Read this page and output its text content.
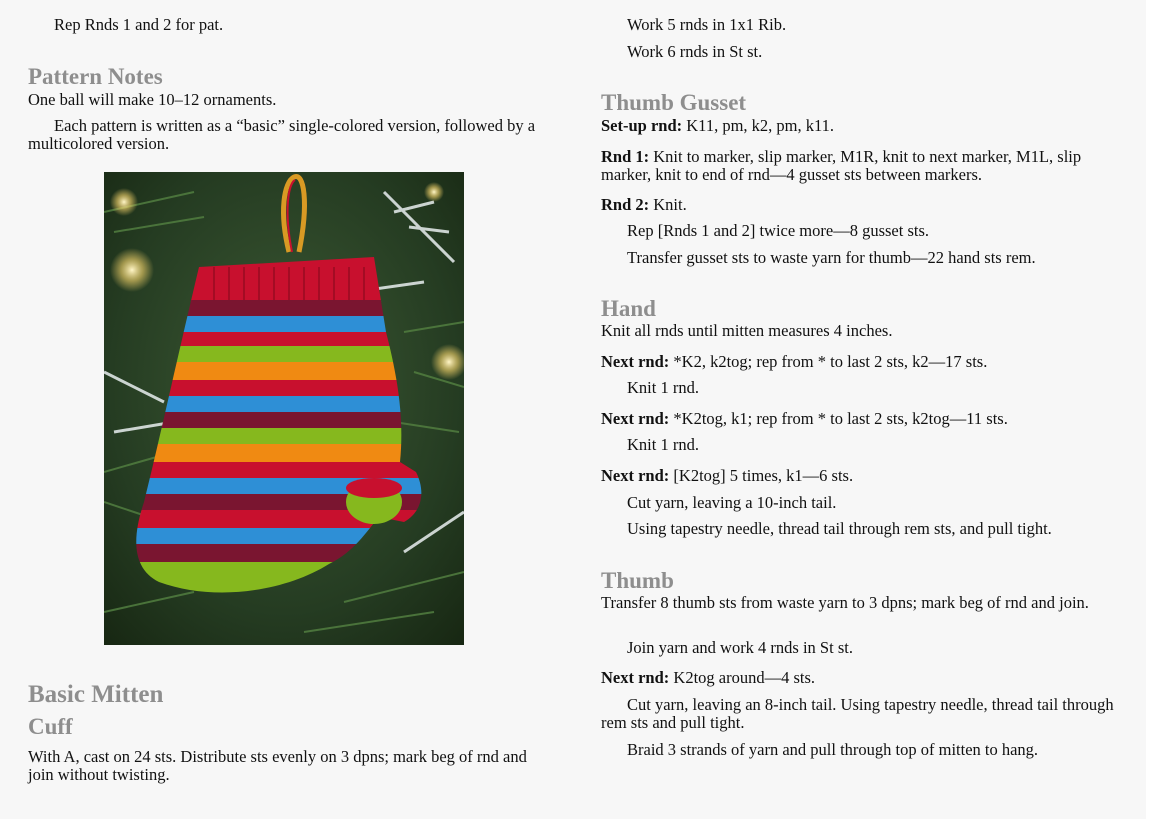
Rep Rnds 1 and 2 for pat.

Pattern Notes

One ball will make 10–12 ornaments.

Each pattern is written as a “basic” single-colored version, followed by a multicolored version.

Basic Mitten
Cuff

With A, cast on 24 sts. Distribute sts evenly on 3 dpns; mark beg of rnd and join without twisting.

Work 5 rnds in 1x1 Rib.

Work 6 rnds in St st.

Thumb Gusset

Set-up rnd: K11, pm, k2, pm, k11.

Rnd 1: Knit to marker, slip marker, M1R, knit to next marker, M1L, slip marker, knit to end of rnd—4 gusset sts between markers.

Rnd 2: Knit.

Rep [Rnds 1 and 2] twice more—8 gusset sts.

Transfer gusset sts to waste yarn for thumb—22 hand sts rem.

Hand

Knit all rnds until mitten measures 4 inches.

Next rnd: *K2, k2tog; rep from * to last 2 sts, k2—17 sts.

Knit 1 rnd.

Next rnd: *K2tog, k1; rep from * to last 2 sts, k2tog—11 sts.

Knit 1 rnd.

Next rnd: [K2tog] 5 times, k1—6 sts.

Cut yarn, leaving a 10-inch tail.

Using tapestry needle, thread tail through rem sts, and pull tight.

Thumb

Transfer 8 thumb sts from waste yarn to 3 dpns; mark beg of rnd and join.

Join yarn and work 4 rnds in St st.

Next rnd: K2tog around—4 sts.

Cut yarn, leaving an 8-inch tail. Using tapestry needle, thread tail through rem sts and pull tight.

Braid 3 strands of yarn and pull through top of mitten to hang.
